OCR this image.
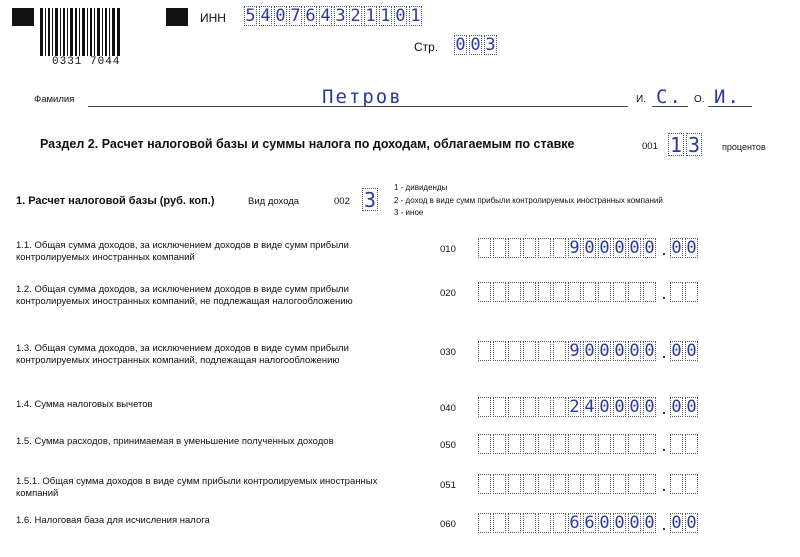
0331 7044
ИНН 5 4 0 7 6 4 3 2 1 1 0 1
Стр. 0 0 3
Фамилия	Петров	И. С. О. И.
Раздел 2. Расчет налоговой базы и суммы налога по доходам, облагаемым по ставке	001 1 3 процентов
1. Расчет налоговой базы (руб. коп.)	Вид дохода	002 3 1 - дивиденды
2 - доход в виде сумм прибыли контролируемых иностранных компаний
3 - иное
1.1. Общая сумма доходов, за исключением доходов в виде сумм прибыли контролируемых иностранных компаний
010	9 0 0 0 0 0 . 0 0
1.2. Общая сумма доходов, за исключением доходов в виде сумм прибыли контролируемых иностранных компаний, не подлежащая налогообложению
020	.
1.3. Общая сумма доходов, за исключением доходов в виде сумм прибыли контролируемых иностранных компаний, подлежащая налогообложению
030	9 0 0 0 0 0 . 0 0
1.4. Сумма налоговых вычетов	040	2 4 0 0 0 0 . 0 0
1.5. Сумма расходов, принимаемая в уменьшение полученных доходов	050	.
1.5.1. Общая сумма доходов в виде сумм прибыли контролируемых иностранных компаний
051	.
1.6. Налоговая база для исчисления налога	060	6 6 0 0 0 0 . 0 0
